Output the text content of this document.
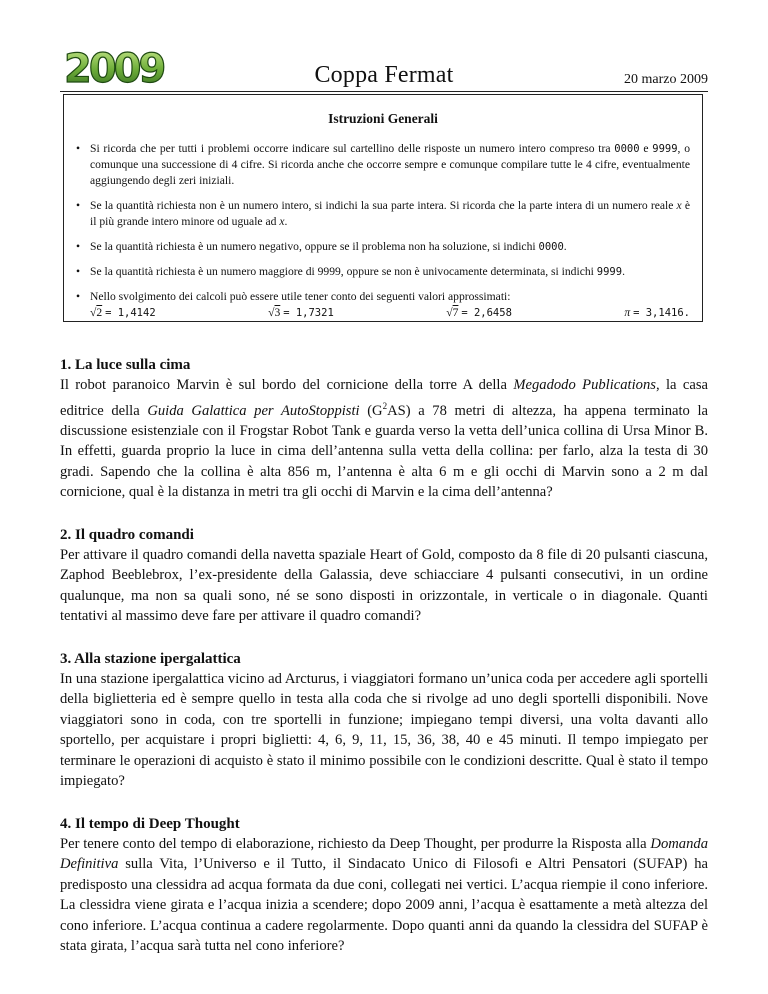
2009	Coppa Fermat	20 marzo 2009
Istruzioni Generali
• Si ricorda che per tutti i problemi occorre indicare sul cartellino delle risposte un numero intero compreso tra 0000 e 9999, o comunque una successione di 4 cifre. Si ricorda anche che occorre sempre e comunque compilare tutte le 4 cifre, eventualmente aggiungendo degli zeri iniziali.
• Se la quantità richiesta non è un numero intero, si indichi la sua parte intera. Si ricorda che la parte intera di un numero reale x è il più grande intero minore od uguale ad x.
• Se la quantità richiesta è un numero negativo, oppure se il problema non ha soluzione, si indichi 0000.
• Se la quantità richiesta è un numero maggiore di 9999, oppure se non è univocamente determinata, si indichi 9999.
• Nello svolgimento dei calcoli può essere utile tener conto dei seguenti valori approssimati:
√2 = 1,4142	√3 = 1,7321	√7 = 2,6458	π = 3,1416.
1. La luce sulla cima
Il robot paranoico Marvin è sul bordo del cornicione della torre A della Megadodo Publications, la casa editrice della Guida Galattica per AutoStoppisti $(G^2AS)$ a 78 metri di altezza, ha appena terminato la discussione esistenziale con il Frogstar Robot Tank e guarda verso la vetta dell’unica collina di Ursa Minor B. In effetti, guarda proprio la luce in cima dell’antenna sulla vetta della collina: per farlo, alza la testa di 30 gradi. Sapendo che la collina è alta 856 m, l’antenna è alta 6 m e gli occhi di Marvin sono a 2 m dal cornicione, qual è la distanza in metri tra gli occhi di Marvin e la cima dell’antenna?
2. Il quadro comandi
Per attivare il quadro comandi della navetta spaziale Heart of Gold, composto da 8 file di 20 pulsanti ciascuna, Zaphod Beeblebrox, l’ex-presidente della Galassia, deve schiacciare 4 pulsanti consecutivi, in un ordine qualunque, ma non sa quali sono, né se sono disposti in orizzontale, in verticale o in diagonale. Quanti tentativi al massimo deve fare per attivare il quadro comandi?
3. Alla stazione ipergalattica
In una stazione ipergalattica vicino ad Arcturus, i viaggiatori formano un’unica coda per accedere agli sportelli della biglietteria ed è sempre quello in testa alla coda che si rivolge ad uno degli sportelli disponibili. Nove viaggiatori sono in coda, con tre sportelli in funzione; impiegano tempi diversi, una volta davanti allo sportello, per acquistare i propri biglietti: 4, 6, 9, 11, 15, 36, 38, 40 e 45 minuti. Il tempo impiegato per terminare le operazioni di acquisto è stato il minimo possibile con le condizioni descritte. Qual è stato il tempo impiegato?
4. Il tempo di Deep Thought
Per tenere conto del tempo di elaborazione, richiesto da Deep Thought, per produrre la Risposta alla Domanda Definitiva sulla Vita, l’Universo e il Tutto, il Sindacato Unico di Filosofi e Altri Pensatori (SUFAP) ha predisposto una clessidra ad acqua formata da due coni, collegati nei vertici. L’acqua riempie il cono inferiore. La clessidra viene girata e l’acqua inizia a scendere; dopo 2009 anni, l’acqua è esattamente a metà altezza del cono inferiore. L’acqua continua a cadere regolarmente. Dopo quanti anni da quando la clessidra del SUFAP è stata girata, l’acqua sarà tutta nel cono inferiore?
